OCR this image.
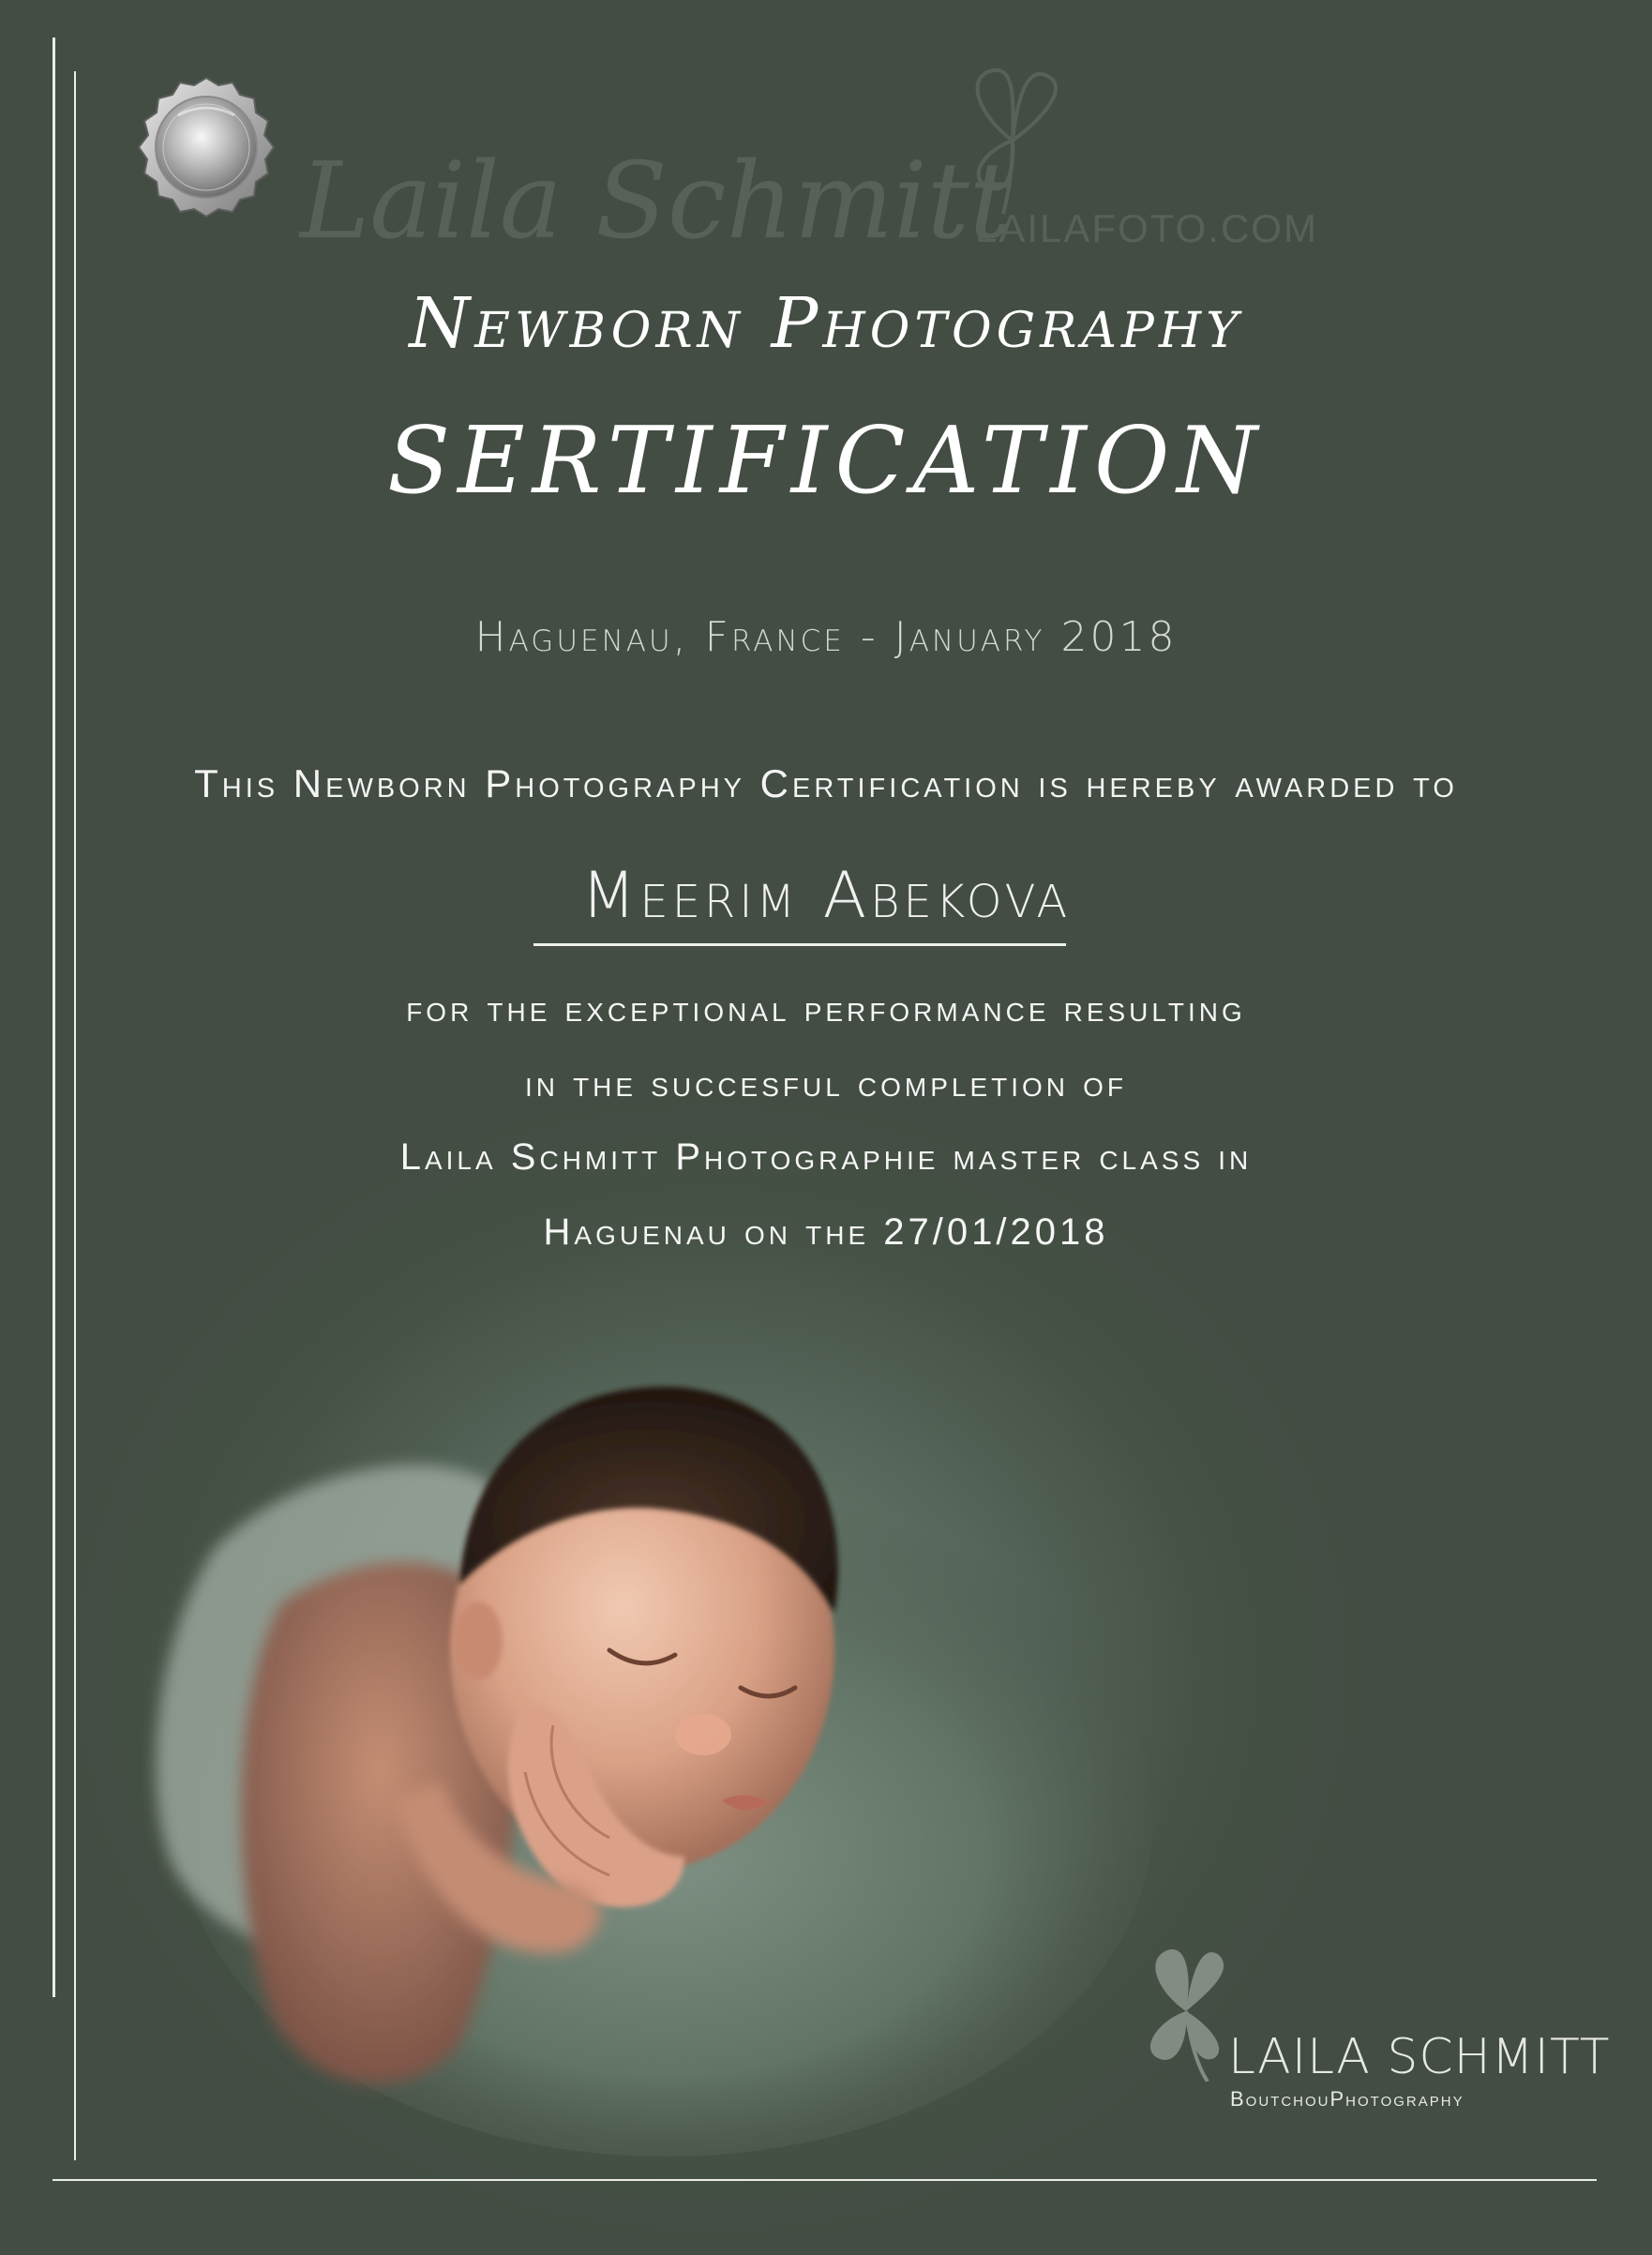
Laila Schmitt
LAILAFOTO.COM
Newborn Photography
SERTIFICATION
Haguenau, France - January 2018
This Newborn Photography Certification is hereby awarded to
Meerim Abekova
for the exceptional performance resulting
in the succesful completion of
Laila Schmitt Photographie master class in
Haguenau on the 27/01/2018
LAILA SCHMITT
BoutchouPhotography
